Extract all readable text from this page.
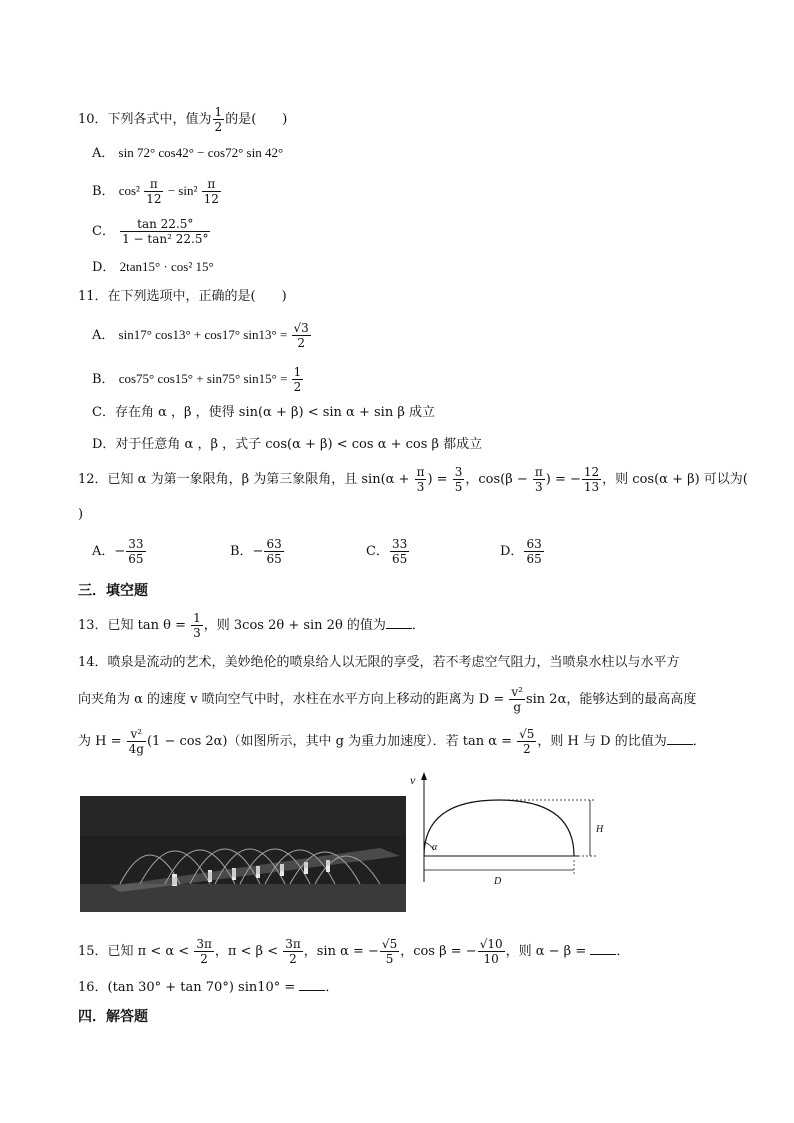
10．下列各式中，值为 $\frac{1}{2}$ 的是(　　)
A． sin 72° cos42° − cos72° sin 42°
B． $\cos^2 \frac{\pi}{12} - \sin^2 \frac{\pi}{12}$
C． $\frac{\tan 22.5^\circ}{\text{1 − tan² 22.5°}}$
D． 2tan15° · cos² 15°
11．在下列选项中，正确的是(　　)
A． sin17° cos13° + cos17° $\sin 13^\circ = \frac{√3}{2}$
B． cos75° cos15° + sin75° $\sin 15^\circ = \frac{1}{2}$
C．存在角 α ，β ，使得 sin(α + β) < sin α + sin β 成立
D．对于任意角 α ，β ，式子 cos(α + β) < cos α + cos β 都成立
12．已知 α 为第一象限角，β 为第三象限角，且 $\sin(\alpha + \frac{\pi}{3}$ ) = $\frac{3}{5}$ ，$\cos(\beta - \frac{\pi}{3}$ ) = − $\frac{12}{13}$ ，则 cos(α + β) 可以为(
)
A．− $\frac{33}{65}$	B．− $\frac{63}{65}$	C． $\frac{33}{65}$	D． $\frac{63}{65}$
三．填空题
13．已知 $\tan \theta = \frac{1}{3}$ ，则 3cos 2θ + sin 2θ 的值为 ．
14．喷泉是流动的艺术，美妙绝伦的喷泉给人以无限的享受，若不考虑空气阻力，当喷泉水柱以与水平方
向夹角为 α 的速度 v 喷向空气中时，水柱在水平方向上移动的距离为 $D = \frac{\text{v²}}{g}$ sin 2α，能够达到的最高高度
为 $H = \frac{\text{v²}}{4g} (1 - \cos 2\alpha)$（如图所示，其中 g 为重力加速度）．若 $\tan \alpha = \frac{√5}{2}$ ，则 H 与 D 的比值为 ．
v
α
H
D
15．已知 $\pi < \alpha < \frac{3\pi}{2}$ ，$\pi < \beta < \frac{3\pi}{2}$ ，sin α = − $\frac{√5}{5}$ ，cos β = − $\frac{√10}{10}$ ，则 α − β = ．
16．(tan 30° + tan 70°) sin10° = ．
四．解答题
